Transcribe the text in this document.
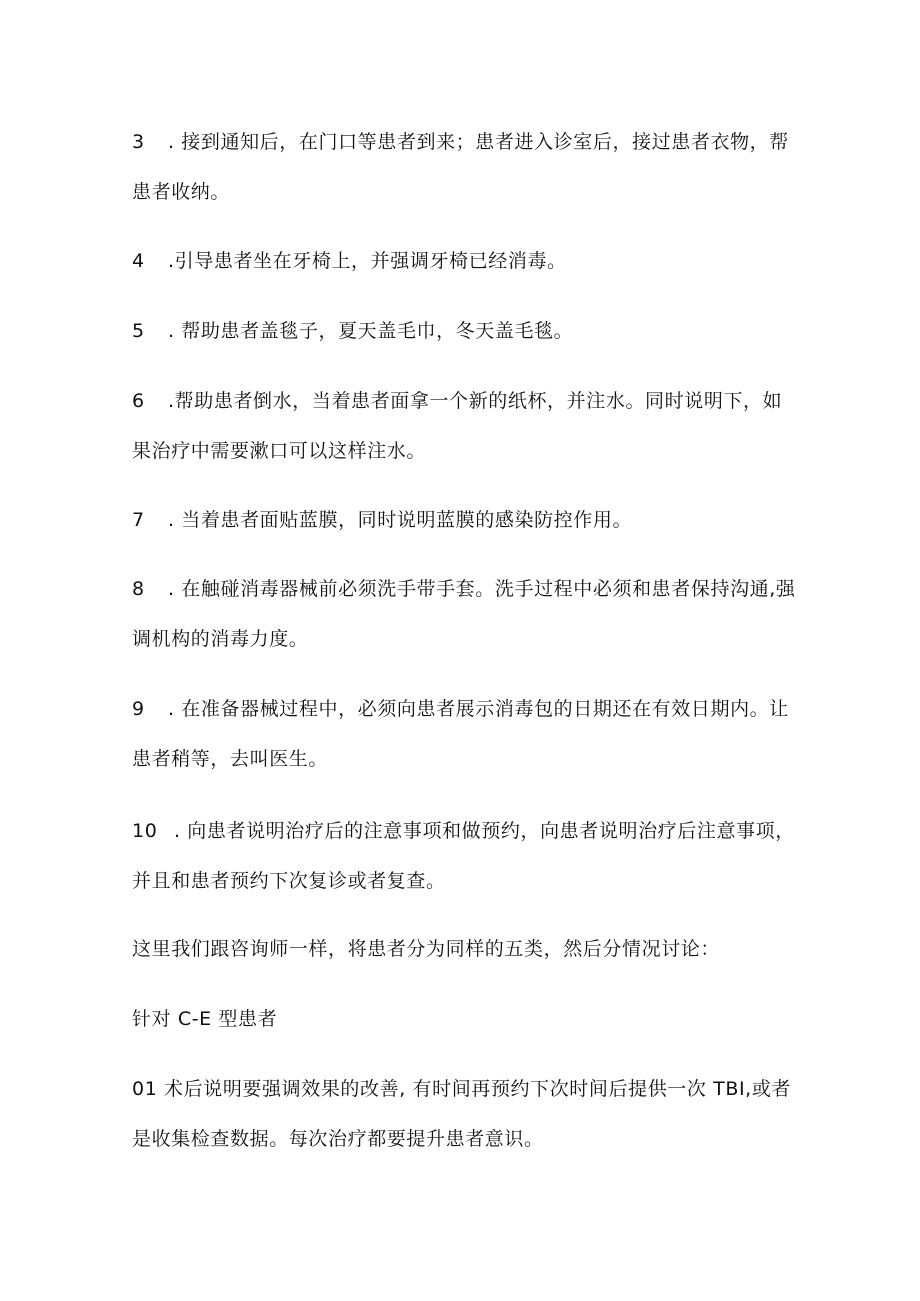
3 . 接到通知后，在门口等患者到来；患者进入诊室后，接过患者衣物，帮患者收纳。

4 .引导患者坐在牙椅上，并强调牙椅已经消毒。

5 . 帮助患者盖毯子，夏天盖毛巾，冬天盖毛毯。

6 .帮助患者倒水，当着患者面拿一个新的纸杯，并注水。同时说明下，如果治疗中需要漱口可以这样注水。

7 . 当着患者面贴蓝膜，同时说明蓝膜的感染防控作用。

8 . 在触碰消毒器械前必须洗手带手套。洗手过程中必须和患者保持沟通,强调机构的消毒力度。

9 . 在准备器械过程中，必须向患者展示消毒包的日期还在有效日期内。让患者稍等，去叫医生。

10 . 向患者说明治疗后的注意事项和做预约，向患者说明治疗后注意事项，并且和患者预约下次复诊或者复查。

这里我们跟咨询师一样，将患者分为同样的五类，然后分情况讨论：

针对 C-E 型患者

01 术后说明要强调效果的改善, 有时间再预约下次时间后提供一次 TBI,或者是收集检查数据。每次治疗都要提升患者意识。
